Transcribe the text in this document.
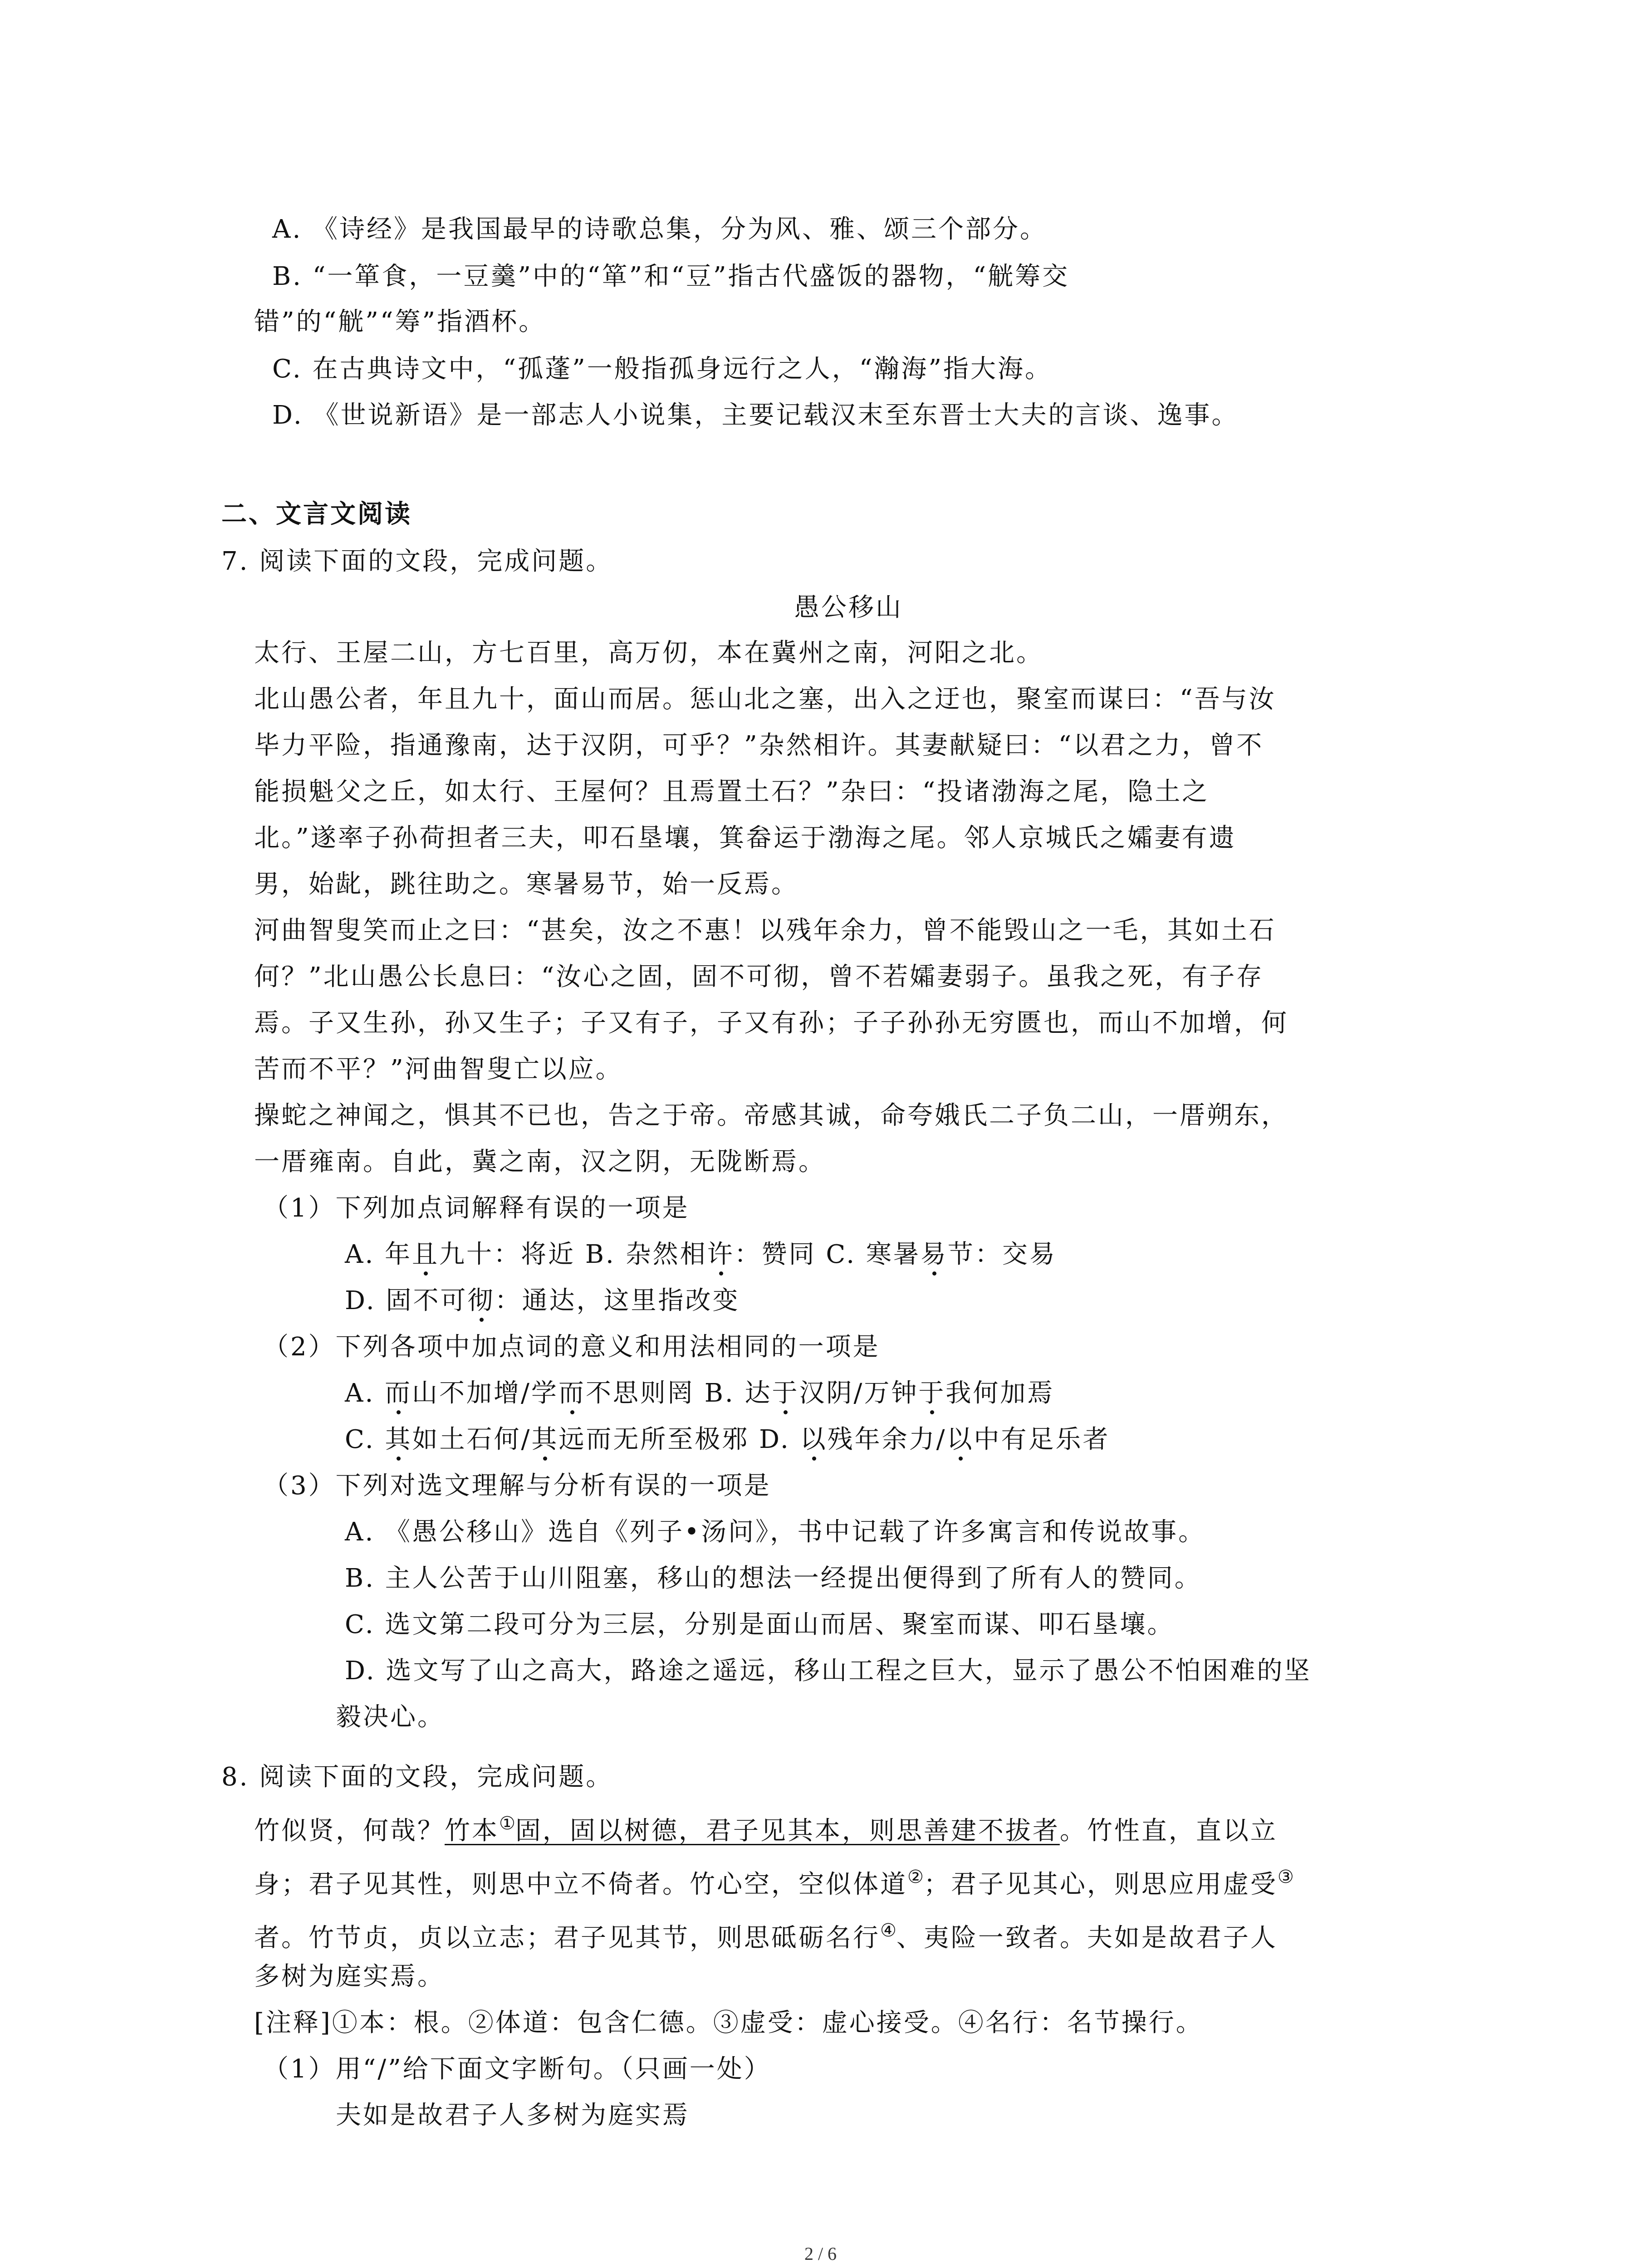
A. 《诗经》是我国最早的诗歌总集，分为风、雅、颂三个部分。
B. “一箪食，一豆羹”中的“箪”和“豆”指古代盛饭的器物，“觥筹交
错”的“觥”“筹”指酒杯。
C. 在古典诗文中，“孤蓬”一般指孤身远行之人，“瀚海”指大海。
D. 《世说新语》是一部志人小说集，主要记载汉末至东晋士大夫的言谈、逸事。
二、文言文阅读
7. 阅读下面的文段，完成问题。
愚公移山
太行、王屋二山，方七百里，高万仞，本在冀州之南，河阳之北。
北山愚公者，年且九十，面山而居。惩山北之塞，出入之迂也，聚室而谋曰：“吾与汝
毕力平险，指通豫南，达于汉阴，可乎？”杂然相许。其妻献疑曰：“以君之力，曾不
能损魁父之丘，如太行、王屋何？且焉置土石？”杂曰：“投诸渤海之尾，隐土之
北。”遂率子孙荷担者三夫，叩石垦壤，箕畚运于渤海之尾。邻人京城氏之孀妻有遗
男，始龀，跳往助之。寒暑易节，始一反焉。
河曲智叟笑而止之曰：“甚矣，汝之不惠！以残年余力，曾不能毁山之一毛，其如土石
何？”北山愚公长息曰：“汝心之固，固不可彻，曾不若孀妻弱子。虽我之死，有子存
焉。子又生孙，孙又生子；子又有子，子又有孙；子子孙孙无穷匮也，而山不加增，何
苦而不平？”河曲智叟亡以应。
操蛇之神闻之，惧其不已也，告之于帝。帝感其诚，命夸娥氏二子负二山，一厝朔东，
一厝雍南。自此，冀之南，汉之阴，无陇断焉。
（1）下列加点词解释有误的一项是
A. 年且九十：将近 B. 杂然相许：赞同 C. 寒暑易节：交易
D. 固不可彻：通达，这里指改变
（2）下列各项中加点词的意义和用法相同的一项是
A. 而山不加增/学而不思则罔 B. 达于汉阴/万钟于我何加焉
C. 其如土石何/其远而无所至极邪 D. 以残年余力/以中有足乐者
（3）下列对选文理解与分析有误的一项是
A. 《愚公移山》选自《列子•汤问》，书中记载了许多寓言和传说故事。
B. 主人公苦于山川阻塞，移山的想法一经提出便得到了所有人的赞同。
C. 选文第二段可分为三层，分别是面山而居、聚室而谋、叩石垦壤。
D. 选文写了山之高大，路途之遥远，移山工程之巨大，显示了愚公不怕困难的坚
毅决心。
8. 阅读下面的文段，完成问题。
竹似贤，何哉？竹本①固，固以树德，君子见其本，则思善建不拔者。竹性直，直以立
身；君子见其性，则思中立不倚者。竹心空，空似体道②；君子见其心，则思应用虚受③
者。竹节贞，贞以立志；君子见其节，则思砥砺名行④、夷险一致者。夫如是故君子人
多树为庭实焉。
[注释]①本：根。②体道：包含仁德。③虚受：虚心接受。④名行：名节操行。
（1）用“/”给下面文字断句。（只画一处）
夫如是故君子人多树为庭实焉
2 / 6
